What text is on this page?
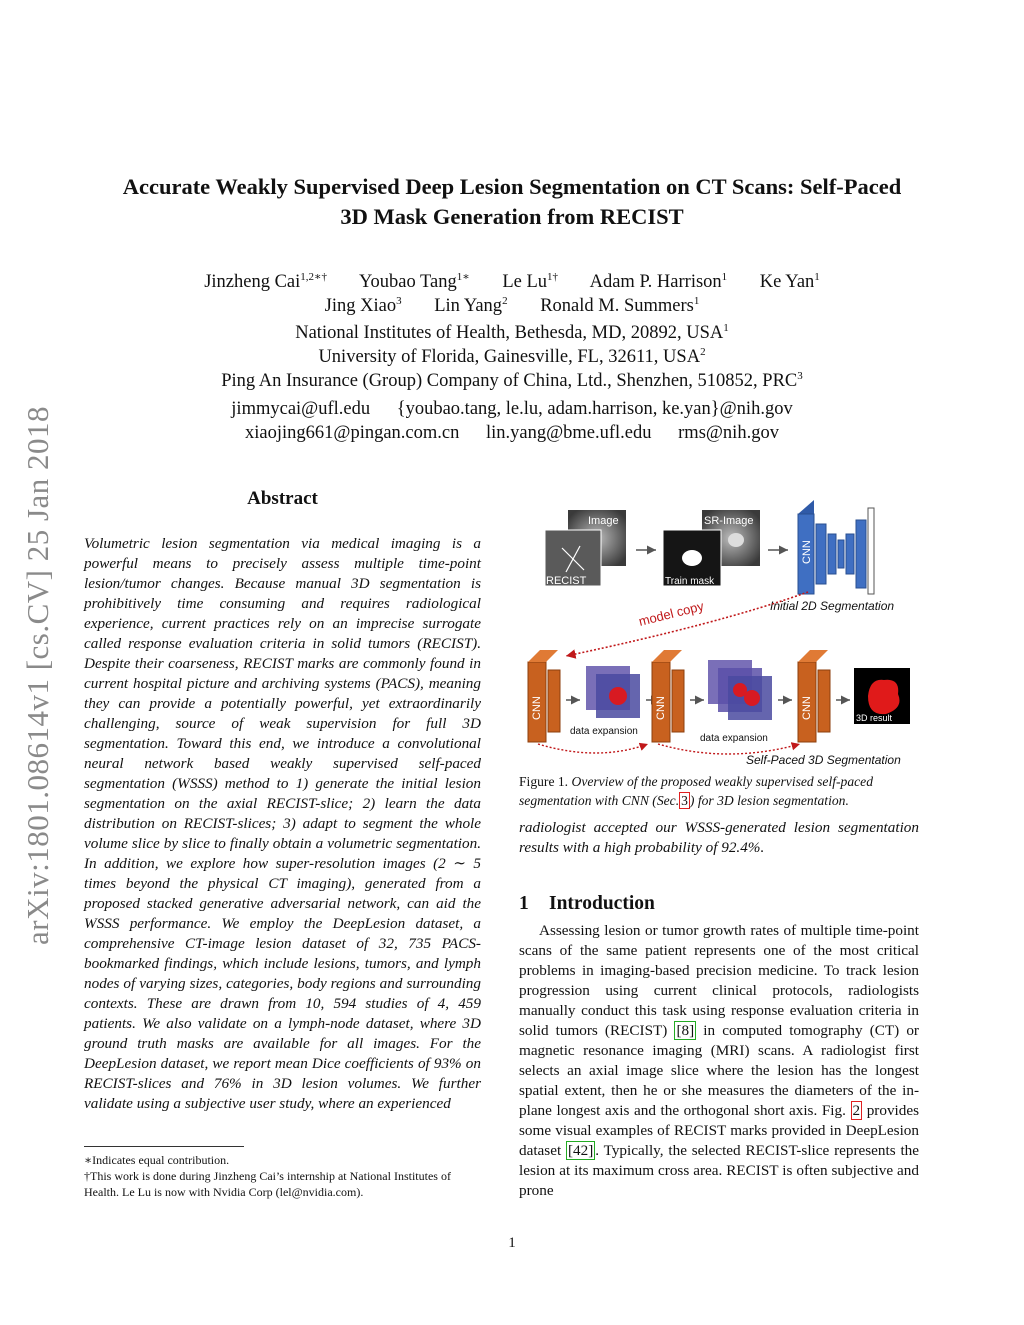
Accurate Weakly Supervised Deep Lesion Segmentation on CT Scans: Self-Paced
3D Mask Generation from RECIST
Jinzheng Cai$^{1,2∗\dagger}$ Youbao Tang$^{1∗}$ Le $Lu^{1\dagger}$ Adam P. Harrison$^1$ Ke Yan$^1$
Jing Xiao$^3$ Lin Yang$^2$ Ronald M. Summers$^1$
National Institutes of Health, Bethesda, MD, 20892, USA$^1$
University of Florida, Gainesville, FL, 32611, USA$^2$
Ping An Insurance (Group) Company of China, Ltd., Shenzhen, 510852, PRC$^3$
jimmycai@ufl.edu {youbao.tang, le.lu, adam.harrison, ke.yan}@nih.gov
xiaojing661@pingan.com.cn lin.yang@bme.ufl.edu rms@nih.gov
arXiv:1801.08614v1 [cs.CV] 25 Jan 2018	Abstract

Volumetric lesion segmentation via medical imaging is a powerful means to precisely assess multiple time-point lesion/tumor changes. Because manual 3D segmentation is prohibitively time consuming and requires radiological experience, current practices rely on an imprecise surrogate called response evaluation criteria in solid tumors (RECIST). Despite their coarseness, RECIST marks are commonly found in current hospital picture and archiving systems (PACS), meaning they can provide a potentially powerful, yet extraordinarily challenging, source of weak supervision for full 3D segmentation. Toward this end, we introduce a convolutional neural network based weakly supervised self-paced segmentation (WSSS) method to 1) generate the initial lesion segmentation on the axial RECIST-slice; 2) learn the data distribution on RECIST-slices; 3) adapt to segment the whole volume slice by slice to finally obtain a volumetric segmentation. In addition, we explore how super-resolution images (2 ∼ 5 times beyond the physical CT imaging), generated from a proposed stacked generative adversarial network, can aid the WSSS performance. We employ the DeepLesion dataset, a comprehensive CT-image lesion dataset of 32, 735 PACS-bookmarked findings, which include lesions, tumors, and lymph nodes of varying sizes, categories, body regions and surrounding contexts. These are drawn from 10, 594 studies of 4, 459 patients. We also validate on a lymph-node dataset, where 3D ground truth masks are available for all images. For the DeepLesion dataset, we report mean Dice coefficients of 93% on RECIST-slices and 76% in 3D lesion volumes. We further validate using a subjective user study, where an experienced

∗Indicates equal contribution.
†This work is done during Jinzheng Cai’s internship at National Institutes of Health. Le Lu is now with Nvidia Corp (lel@nvidia.com).
Image
RECIST
SR-Image
Train mask
CNN
Initial 2D Segmentation
model copy
CNN
data expansion
CNN
data expansion
CNN	3D result
Self-Paced 3D Segmentation

Figure 1. Overview of the proposed weakly supervised self-paced segmentation with CNN (Sec. 3 ) for 3D lesion segmentation.

radiologist accepted our WSSS-generated lesion segmentation results with a high probability of 92.4%.

1 Introduction

Assessing lesion or tumor growth rates of multiple time-point scans of the same patient represents one of the most critical problems in imaging-based precision medicine. To track lesion progression using current clinical protocols, radiologists manually conduct this task using response evaluation criteria in solid tumors (RECIST) [8] in computed tomography (CT) or magnetic resonance imaging (MRI) scans. A radiologist first selects an axial image slice where the lesion has the longest spatial extent, then he or she measures the diameters of the in-plane longest axis and the orthogonal short axis. Fig. 2 provides some visual examples of RECIST marks provided in DeepLesion dataset [42] . Typically, the selected RECIST-slice represents the lesion at its maximum cross area. RECIST is often subjective and prone

1
